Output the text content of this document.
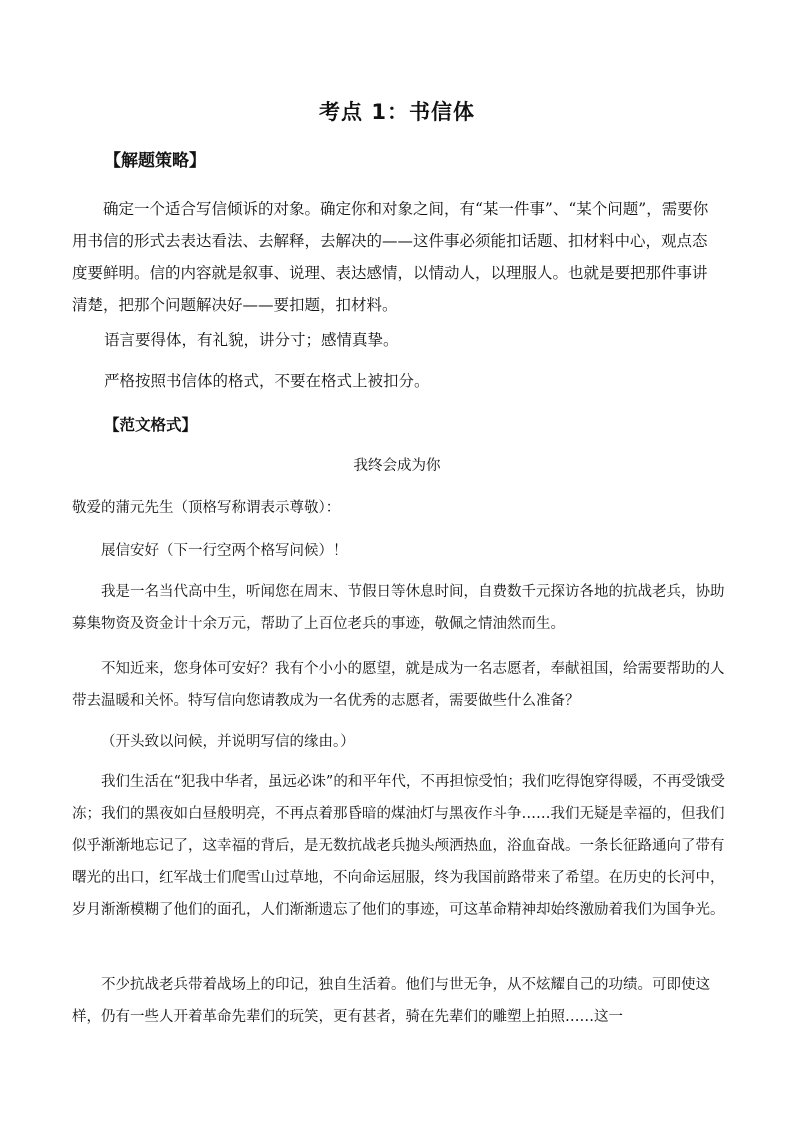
考点 1：书信体
【解题策略】

确定一个适合写信倾诉的对象。确定你和对象之间，有“某一件事”、“某个问题”，需要你用书信的形式去表达看法、去解释，去解决的——这件事必须能扣话题、扣材料中心，观点态度要鲜明。信的内容就是叙事、说理、表达感情，以情动人，以理服人。也就是要把那件事讲清楚，把那个问题解决好——要扣题，扣材料。

语言要得体，有礼貌，讲分寸；感情真挚。

严格按照书信体的格式，不要在格式上被扣分。

【范文格式】
我终会成为你

敬爱的蒲元先生（顶格写称谓表示尊敬）：

展信安好（下一行空两个格写问候）！

我是一名当代高中生，听闻您在周末、节假日等休息时间，自费数千元探访各地的抗战老兵，协助募集物资及资金计十余万元，帮助了上百位老兵的事迹，敬佩之情油然而生。

不知近来，您身体可安好？我有个小小的愿望，就是成为一名志愿者，奉献祖国，给需要帮助的人带去温暖和关怀。特写信向您请教成为一名优秀的志愿者，需要做些什么准备？

（开头致以问候，并说明写信的缘由。）

我们生活在“犯我中华者，虽远必诛”的和平年代，不再担惊受怕；我们吃得饱穿得暖，不再受饿受冻；我们的黑夜如白昼般明亮，不再点着那昏暗的煤油灯与黑夜作斗争……我们无疑是幸福的，但我们似乎渐渐地忘记了，这幸福的背后，是无数抗战老兵抛头颅洒热血，浴血奋战。一条长征路通向了带有曙光的出口，红军战士们爬雪山过草地，不向命运屈服，终为我国前路带来了希望。在历史的长河中，岁月渐渐模糊了他们的面孔，人们渐渐遗忘了他们的事迹，可这革命精神却始终激励着我们为国争光。

不少抗战老兵带着战场上的印记，独自生活着。他们与世无争，从不炫耀自己的功绩。可即使这样，仍有一些人开着革命先辈们的玩笑，更有甚者，骑在先辈们的雕塑上拍照……这一
